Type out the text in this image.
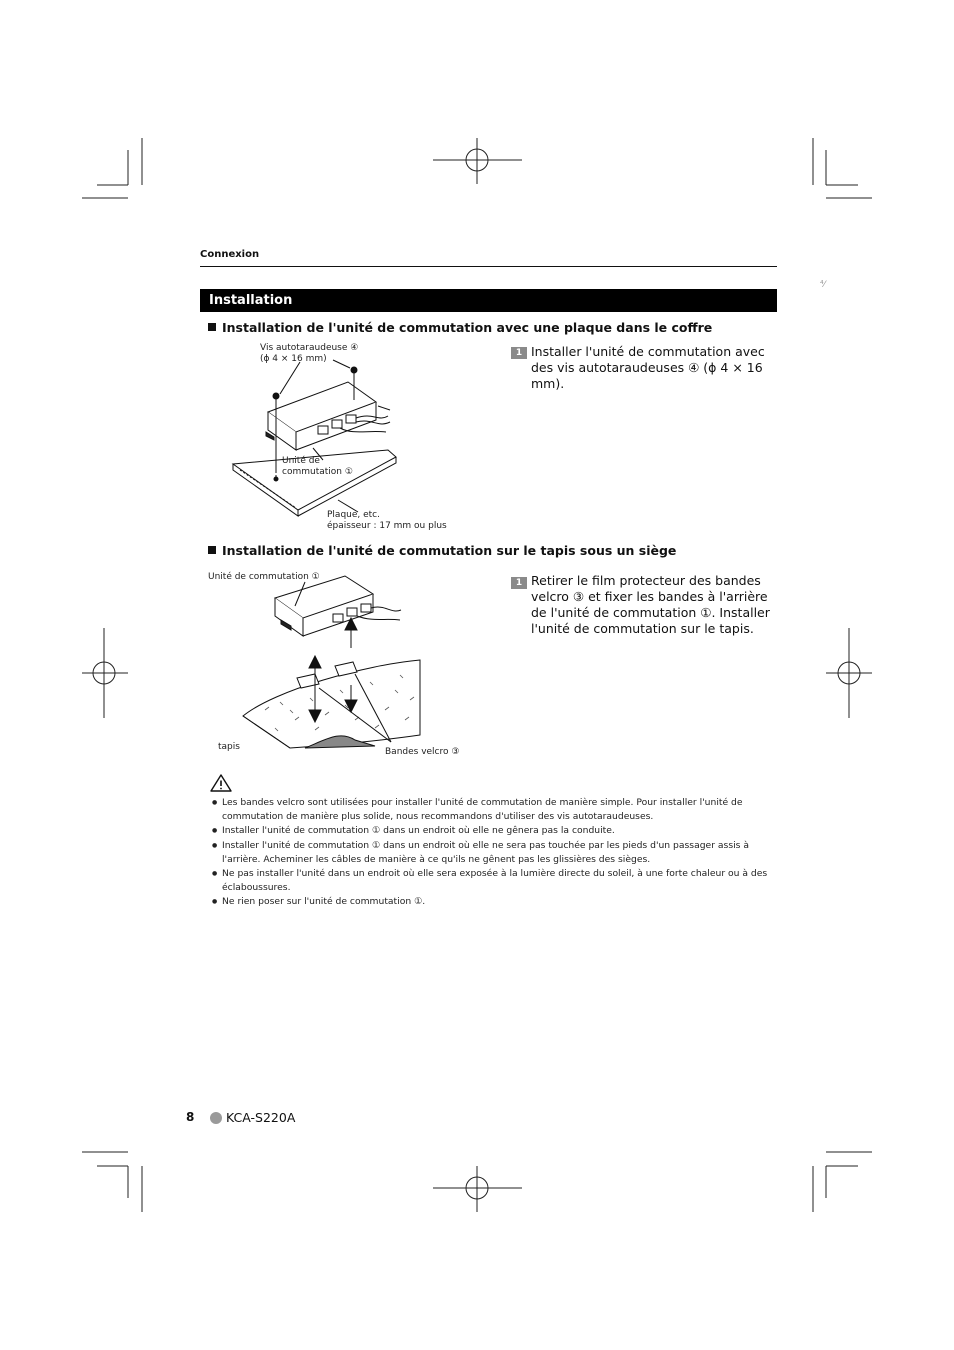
Connexion
⁴⁄
Installation
Installation de l'unité de commutation avec une plaque dans le coffre
Vis autotaraudeuse ④
(ɸ 4 × 16 mm)
Unité de
commutation ①
Plaque, etc.
épaisseur : 17 mm ou plus
1 Installer l'unité de commutation avec des vis autotaraudeuses ④ (ɸ 4 × 16 mm).
Installation de l'unité de commutation sur le tapis sous un siège
Unité de commutation ①
tapis	Bandes velcro ③
1 Retirer le film protecteur des bandes velcro ③ et fixer les bandes à l'arrière de l'unité de commutation ①. Installer l'unité de commutation sur le tapis.
● Les bandes velcro sont utilisées pour installer l'unité de commutation de manière simple. Pour installer l'unité de commutation de manière plus solide, nous recommandons d'utiliser des vis autotaraudeuses.
● Installer l'unité de commutation ① dans un endroit où elle ne gênera pas la conduite.
● Installer l'unité de commutation ① dans un endroit où elle ne sera pas touchée par les pieds d'un passager assis à l'arrière. Acheminer les câbles de manière à ce qu'ils ne gênent pas les glissières des sièges.
● Ne pas installer l'unité dans un endroit où elle sera exposée à la lumière directe du soleil, à une forte chaleur ou à des éclaboussures.
● Ne rien poser sur l'unité de commutation ①.
8	KCA-S220A
